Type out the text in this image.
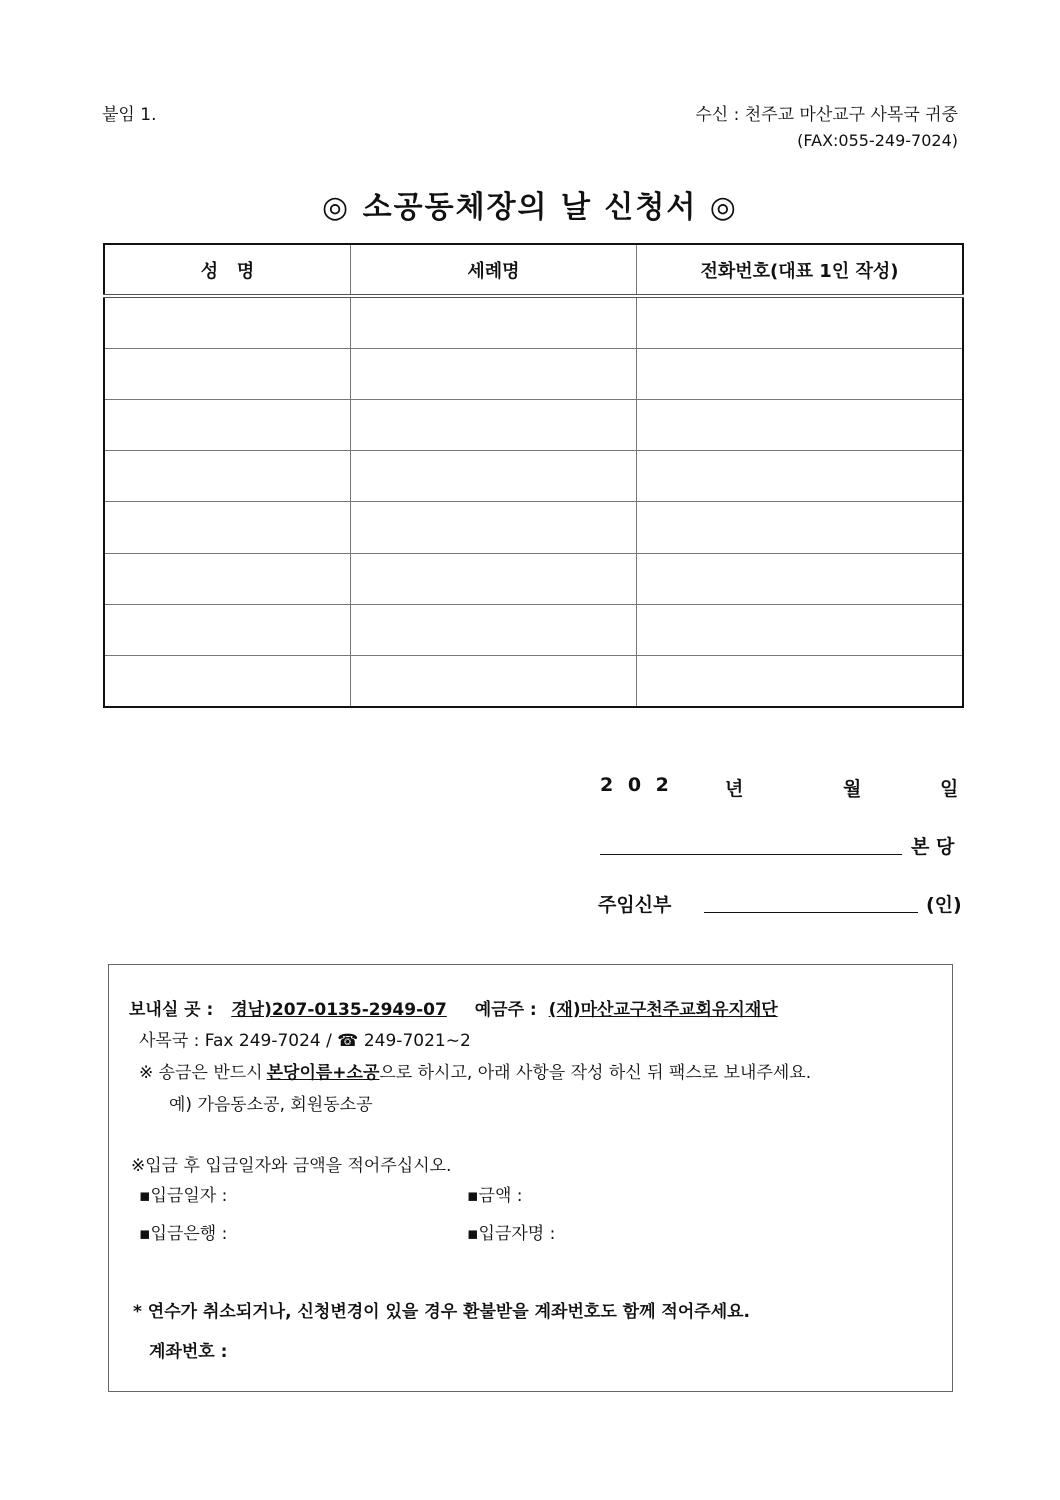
붙임 1.	수신 : 천주교 마산교구 사목국 귀중
(FAX:055-249-7024)
◎ 소공동체장의 날 신청서 ◎
성   명	세례명	전화번호(대표 1인 작성)

2 0 2	년	월	일
본 당
주임신부	(인)
보내실 곳 : 경남)207-0135-2949-07 예금주 : (재)마산교구천주교회유지재단
사목국 : Fax 249-7024 / ☎ 249-7021∼2
※ 송금은 반드시 본당이름+소공으로 하시고, 아래 사항을 작성 하신 뒤 팩스로 보내주세요.
예) 가음동소공, 회원동소공
※입금 후 입금일자와 금액을 적어주십시오.
▪입금일자 :	▪금액 :
▪입금은행 :	▪입금자명 :
* 연수가 취소되거나, 신청변경이 있을 경우 환불받을 계좌번호도 함께 적어주세요.
계좌번호 :
